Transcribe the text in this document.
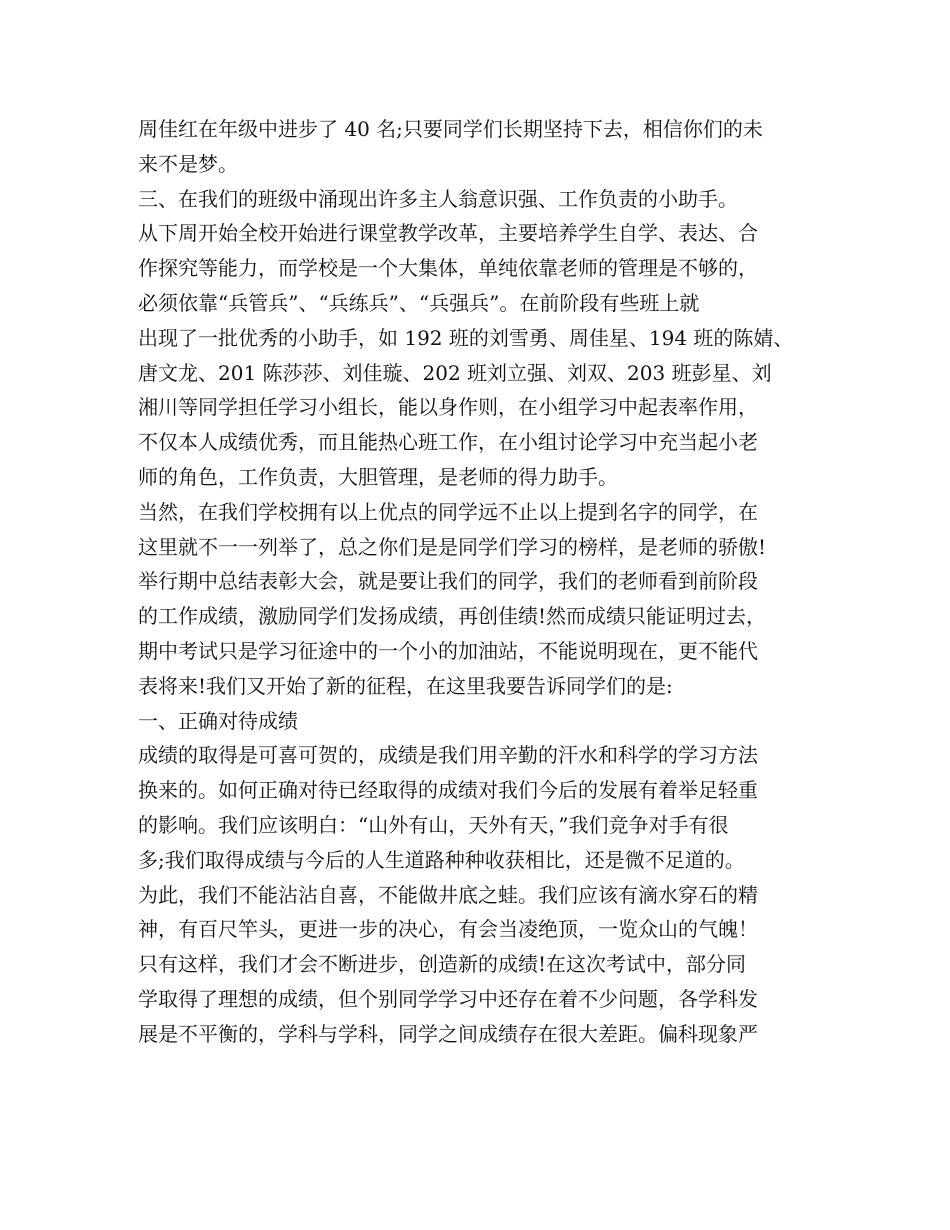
周佳红在年级中进步了 40 名;只要同学们长期坚持下去，相信你们的未
来不是梦。
三、在我们的班级中涌现出许多主人翁意识强、工作负责的小助手。
从下周开始全校开始进行课堂教学改革，主要培养学生自学、表达、合
作探究等能力，而学校是一个大集体，单纯依靠老师的管理是不够的，
必须依靠“兵管兵”、“兵练兵”、“兵强兵”。在前阶段有些班上就
出现了一批优秀的小助手，如 192 班的刘雪勇、周佳星、194 班的陈婧、
唐文龙、201 陈莎莎、刘佳璇、202 班刘立强、刘双、203 班彭星、刘
湘川等同学担任学习小组长，能以身作则，在小组学习中起表率作用，
不仅本人成绩优秀，而且能热心班工作，在小组讨论学习中充当起小老
师的角色，工作负责，大胆管理，是老师的得力助手。
当然，在我们学校拥有以上优点的同学远不止以上提到名字的同学，在
这里就不一一列举了，总之你们是是同学们学习的榜样，是老师的骄傲!
举行期中总结表彰大会，就是要让我们的同学，我们的老师看到前阶段
的工作成绩，激励同学们发扬成绩，再创佳绩!然而成绩只能证明过去，
期中考试只是学习征途中的一个小的加油站，不能说明现在，更不能代
表将来!我们又开始了新的征程，在这里我要告诉同学们的是:
一、正确对待成绩
成绩的取得是可喜可贺的，成绩是我们用辛勤的汗水和科学的学习方法
换来的。如何正确对待已经取得的成绩对我们今后的发展有着举足轻重
的影响。我们应该明白：“山外有山，天外有天，”我们竞争对手有很
多;我们取得成绩与今后的人生道路种种收获相比，还是微不足道的。
为此，我们不能沾沾自喜，不能做井底之蛙。我们应该有滴水穿石的精
神，有百尺竿头，更进一步的决心，有会当凌绝顶，一览众山的气魄！
只有这样，我们才会不断进步，创造新的成绩!在这次考试中，部分同
学取得了理想的成绩，但个别同学学习中还存在着不少问题，各学科发
展是不平衡的，学科与学科，同学之间成绩存在很大差距。偏科现象严
